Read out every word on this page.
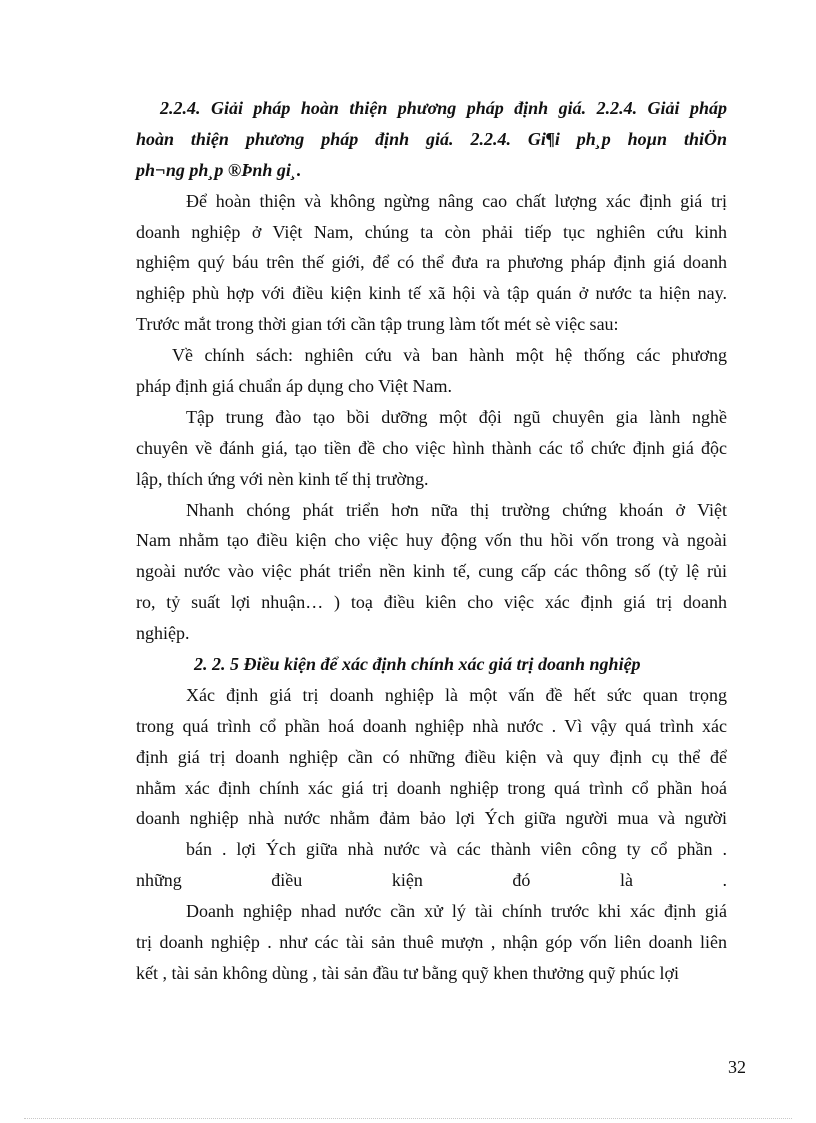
2.2.4. Giải pháp hoàn thiện phương pháp định giá. 2.2.4. Giải pháp
hoàn thiện phương pháp định giá. 2.2.4. Gi¶i ph¸p hoµn thiÖn
ph¬ng ph¸p ®Þnh gi¸.
Để hoàn thiện và không ngừng nâng cao chất lượng xác định giá trị
doanh nghiệp ở Việt Nam, chúng ta còn phải tiếp tục nghiên cứu kinh
nghiệm quý báu trên thế giới, để có thể đưa ra phương pháp định giá doanh
nghiệp phù hợp với điều kiện kinh tế xã hội và tập quán ở nước ta hiện nay.
Trước mắt trong thời gian tới cần tập trung làm tốt mét sè việc sau:
Về chính sách: nghiên cứu và ban hành một hệ thống các phương
pháp định giá chuẩn áp dụng cho Việt Nam.
Tập trung đào tạo bồi dưỡng một đội ngũ chuyên gia lành nghề
chuyên về đánh giá, tạo tiền đề cho việc hình thành các tổ chức định giá độc
lập, thích ứng với nèn kinh tế thị trường.
Nhanh chóng phát triển hơn nữa thị trường chứng khoán ở Việt
Nam nhằm tạo điều kiện cho việc huy động vốn thu hồi vốn trong và ngoài
ngoài nước vào việc phát triển nền kinh tế, cung cấp các thông số (tỷ lệ rủi
ro, tỷ suất lợi nhuận… ) toạ điều kiên cho việc xác định giá trị doanh
nghiệp.
2. 2. 5 Điều kiện để xác định chính xác giá trị doanh nghiệp
Xác định giá trị doanh nghiệp là một vấn đề hết sức quan trọng
trong quá trình cổ phần hoá doanh nghiệp nhà nước . Vì vậy quá trình xác
định giá trị doanh nghiệp cần có những điều kiện và quy định cụ thể để
nhằm xác định chính xác giá trị doanh nghiệp trong quá trình cổ phần hoá
doanh nghiệp nhà nước nhằm đảm bảo lợi Ých giữa người mua và người
bán . lợi Ých giữa nhà nước và các thành viên công ty cổ phần .
những điều kiện đó là .
Doanh nghiệp nhad nước cần xử lý tài chính trước khi xác định giá
trị doanh nghiệp . như các tài sản thuê mượn , nhận góp vốn liên doanh liên
kết , tài sản không dùng , tài sản đầu tư bằng quỹ khen thưởng quỹ phúc lợi
32
